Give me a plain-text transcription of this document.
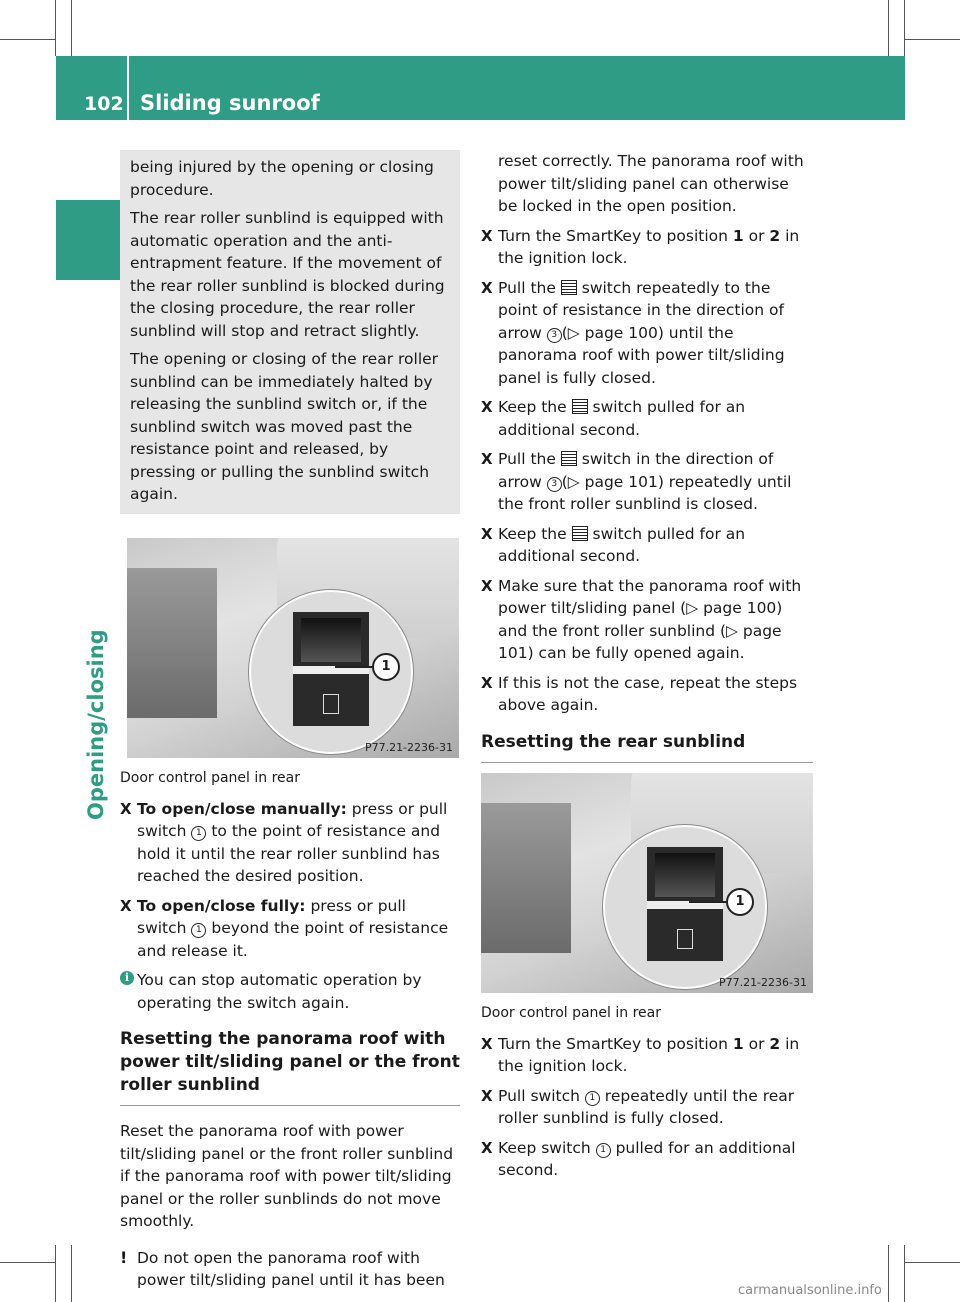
102 Sliding sunroof
Opening/closing

being injured by the opening or closing procedure.

The rear roller sunblind is equipped with automatic operation and the anti-entrapment feature. If the movement of the rear roller sunblind is blocked during the closing procedure, the rear roller sunblind will stop and retract slightly.

The opening or closing of the rear roller sunblind can be immediately halted by releasing the sunblind switch or, if the sunblind switch was moved past the resistance point and released, by pressing or pulling the sunblind switch again.

1
P77.21-2236-31
Door control panel in rear

X To open/close manually: press or pull switch 1 to the point of resistance and hold it until the rear roller sunblind has reached the desired position.

X To open/close fully: press or pull switch 1 beyond the point of resistance and release it.

i You can stop automatic operation by operating the switch again.

Resetting the panorama roof with power tilt/sliding panel or the front roller sunblind

Reset the panorama roof with power tilt/sliding panel or the front roller sunblind if the panorama roof with power tilt/sliding panel or the roller sunblinds do not move smoothly.

! Do not open the panorama roof with power tilt/sliding panel until it has been

reset correctly. The panorama roof with power tilt/sliding panel can otherwise be locked in the open position.

X Turn the SmartKey to position 1 or 2 in the ignition lock.

X Pull the  switch repeatedly to the point of resistance in the direction of arrow 3 (▷ page 100) until the panorama roof with power tilt/sliding panel is fully closed.

X Keep the  switch pulled for an additional second.

X Pull the  switch in the direction of arrow 3 (▷ page 101) repeatedly until the front roller sunblind is closed.

X Keep the  switch pulled for an additional second.

X Make sure that the panorama roof with power tilt/sliding panel (▷ page 100) and the front roller sunblind (▷ page 101) can be fully opened again.

X If this is not the case, repeat the steps above again.

Resetting the rear sunblind
1
P77.21-2236-31
Door control panel in rear

X Turn the SmartKey to position 1 or 2 in the ignition lock.

X Pull switch 1 repeatedly until the rear roller sunblind is fully closed.

X Keep switch 1 pulled for an additional second.

carmanualsonline.info
